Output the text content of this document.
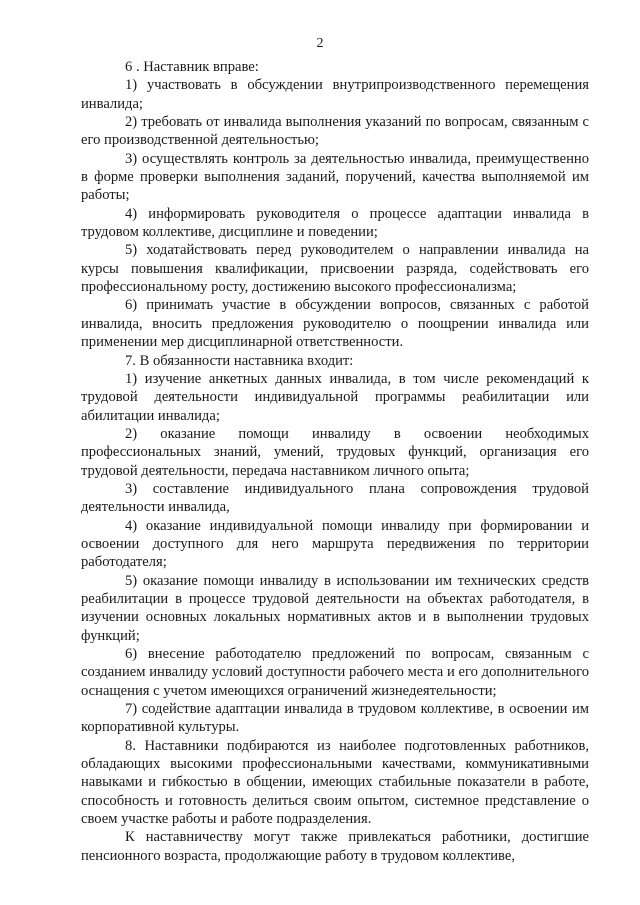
2

6 . Наставник вправе:

1) участвовать в обсуждении внутрипроизводственного перемещения инвалида;

2) требовать от инвалида выполнения указаний по вопросам, связанным с его производственной деятельностью;

3) осуществлять контроль за деятельностью инвалида, преимущественно в форме проверки выполнения заданий, поручений, качества выполняемой им работы;

4) информировать руководителя о процессе адаптации инвалида в трудовом коллективе, дисциплине и поведении;

5) ходатайствовать перед руководителем о направлении инвалида на курсы повышения квалификации, присвоении разряда, содействовать его профессиональному росту, достижению высокого профессионализма;

6) принимать участие в обсуждении вопросов, связанных с работой инвалида, вносить предложения руководителю о поощрении инвалида или применении мер дисциплинарной ответственности.

7. В обязанности наставника входит:

1) изучение анкетных данных инвалида, в том числе рекомендаций к трудовой деятельности индивидуальной программы реабилитации или абилитации инвалида;

2) оказание помощи инвалиду в освоении необходимых профессиональных знаний, умений, трудовых функций, организация его трудовой деятельности, передача наставником личного опыта;

3) составление индивидуального плана сопровождения трудовой деятельности инвалида,

4) оказание индивидуальной помощи инвалиду при формировании и освоении доступного для него маршрута передвижения по территории работодателя;

5) оказание помощи инвалиду в использовании им технических средств реабилитации в процессе трудовой деятельности на объектах работодателя, в изучении основных локальных нормативных актов и в выполнении трудовых функций;

6) внесение работодателю предложений по вопросам, связанным с созданием инвалиду условий доступности рабочего места и его дополнительного оснащения с учетом имеющихся ограничений жизнедеятельности;

7) содействие адаптации инвалида в трудовом коллективе, в освоении им корпоративной культуры.

8. Наставники подбираются из наиболее подготовленных работников, обладающих высокими профессиональными качествами, коммуникативными навыками и гибкостью в общении, имеющих стабильные показатели в работе, способность и готовность делиться своим опытом, системное представление о своем участке работы и работе подразделения.

К наставничеству могут также привлекаться работники, достигшие пенсионного возраста, продолжающие работу в трудовом коллективе,
